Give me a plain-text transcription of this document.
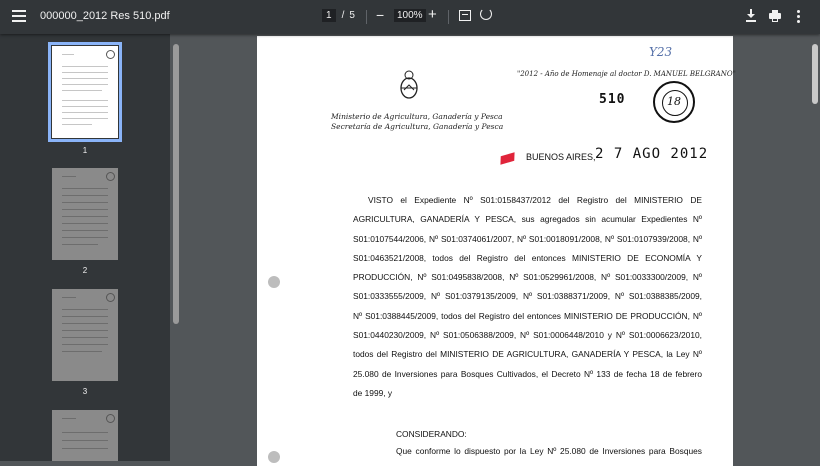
000000_2012 Res 510.pdf	1 / 5 −	100% +
1
2
3
Ministerio de Agricultura, Ganadería y Pesca
Secretaría de Agricultura, Ganadería y Pesca
Y23
"2012 - Año de Homenaje al doctor D. MANUEL BELGRANO"
510	18
BUENOS AIRES, 2 7 AGO 2012
VISTO el Expediente Nº S01:0158437/2012 del Registro del MINISTERIO DE
AGRICULTURA, GANADERÍA Y PESCA, sus agregados sin acumular Expedientes Nº
S01:0107544/2006, Nº S01:0374061/2007, Nº S01:0018091/2008, Nº S01:0107939/2008, Nº
S01:0463521/2008, todos del Registro del entonces MINISTERIO DE ECONOMÍA Y
PRODUCCIÓN, Nº S01:0495838/2008, Nº S01:0529961/2008, Nº S01:0033300/2009, Nº
S01:0333555/2009, Nº S01:0379135/2009, Nº S01:0388371/2009, Nº S01:0388385/2009,
Nº S01:0388445/2009, todos del Registro del entonces MINISTERIO DE PRODUCCIÓN, Nº
S01:0440230/2009, Nº S01:0506388/2009, Nº S01:0006448/2010 y Nº S01:0006623/2010,
todos del Registro del MINISTERIO DE AGRICULTURA, GANADERÍA Y PESCA, la Ley Nº
25.080 de Inversiones para Bosques Cultivados, el Decreto Nº 133 de fecha 18 de febrero
de 1999, y
CONSIDERANDO:
Que conforme lo dispuesto por la Ley Nº 25.080 de Inversiones para Bosques
